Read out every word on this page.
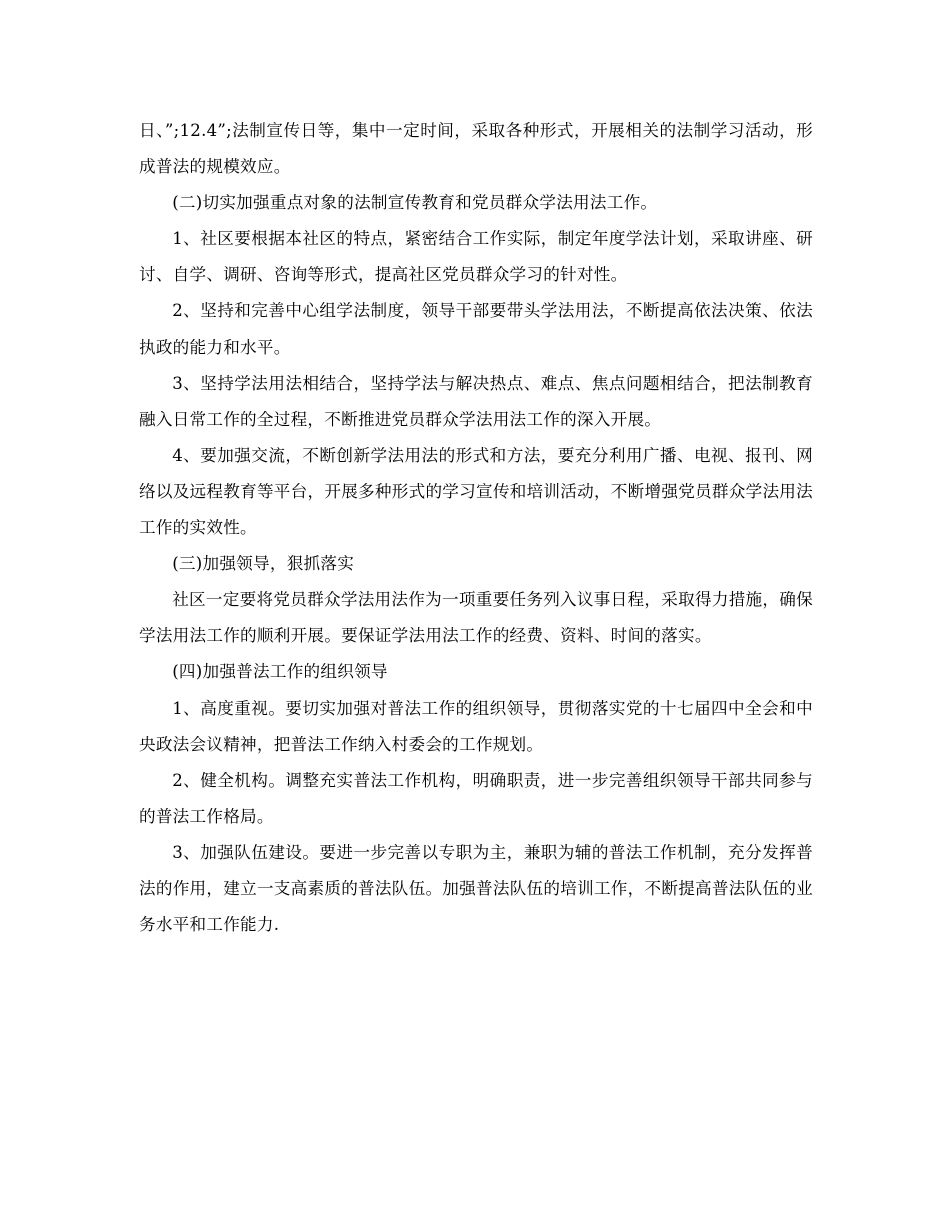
日、”;12.4”;法制宣传日等，集中一定时间，采取各种形式，开展相关的法制学习活动，形成普法的规模效应。

(二)切实加强重点对象的法制宣传教育和党员群众学法用法工作。

1、社区要根据本社区的特点，紧密结合工作实际，制定年度学法计划，采取讲座、研讨、自学、调研、咨询等形式，提高社区党员群众学习的针对性。

2、坚持和完善中心组学法制度，领导干部要带头学法用法，不断提高依法决策、依法执政的能力和水平。

3、坚持学法用法相结合，坚持学法与解决热点、难点、焦点问题相结合，把法制教育融入日常工作的全过程，不断推进党员群众学法用法工作的深入开展。

4、要加强交流，不断创新学法用法的形式和方法，要充分利用广播、电视、报刊、网络以及远程教育等平台，开展多种形式的学习宣传和培训活动，不断增强党员群众学法用法工作的实效性。

(三)加强领导，狠抓落实

社区一定要将党员群众学法用法作为一项重要任务列入议事日程，采取得力措施，确保学法用法工作的顺利开展。要保证学法用法工作的经费、资料、时间的落实。

(四)加强普法工作的组织领导

1、高度重视。要切实加强对普法工作的组织领导，贯彻落实党的十七届四中全会和中央政法会议精神，把普法工作纳入村委会的工作规划。

2、健全机构。调整充实普法工作机构，明确职责，进一步完善组织领导干部共同参与的普法工作格局。

3、加强队伍建设。要进一步完善以专职为主，兼职为辅的普法工作机制，充分发挥普法的作用，建立一支高素质的普法队伍。加强普法队伍的培训工作，不断提高普法队伍的业务水平和工作能力.
